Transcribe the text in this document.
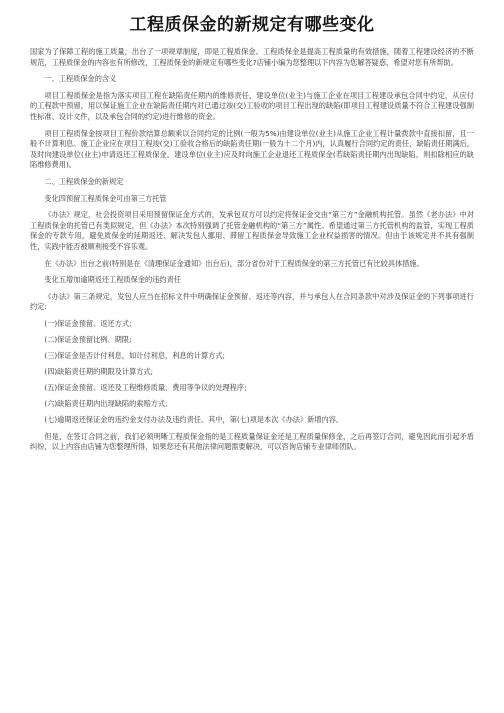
工程质保金的新规定有哪些变化

国家为了保障工程的施工质量，出台了一项规章制度，即是工程质保金。工程质保金是提高工程质量的有效措施，随着工程建设经济的不断规范，工程质保金的内容也有所修改，工程质保金的新规定有哪些变化?店铺小编为您整理以下内容为您解答疑惑，希望对您有所帮助。

一、工程质保金的含义

项目工程质保金是指为落实项目工程在缺陷责任期内的维修责任，建设单位(业主)与施工企业在项目工程建设承包合同中约定，从应付的工程款中预留，用以保证施工企业在缺陷责任期内对已通过竣(交)工验收的项目工程出现的缺陷(即项目工程建设质量不符合工程建设强制性标准、设计文件，以及承包合同的约定)进行维修的资金。

项目工程质保金按项目工程价款结算总额乘以合同约定的比例(一般为5%)由建设单位(业主)从施工企业工程计量拨款中直接扣留，且一般不计算利息。施工企业应在项目工程竣(交)工验收合格后的缺陷责任期(一般为十二个月)内，认真履行合同约定的责任，缺陷责任期满后，及时向建设单位(业主)申请返还工程质保金。建设单位(业主)应及时向施工企业退还工程质保金(若缺陷责任期内出现缺陷，则扣除相应的缺陷维修费用)。

二、工程质保金的新规定

变化四预留工程质保金可由第三方托管

《办法》规定，社会投资项目采用预留保证金方式的，发承包双方可以约定将保证金交由“第三方”金融机构托管。虽然《老办法》中对工程质保金的托管已有类似规定，但《办法》本次特别强调了托管金融机构的“第三方”属性。希望通过第三方托管机构的监管，实现工程质保金的专款专用，避免质保金的延期返还、解决发包人挪用、滞留工程质保金导致施工企业权益损害的情况。但由于该规定并不具有强制性，实践中能否被顺利接受不容乐观。

在《办法》出台之前(特别是在《清理保证金通知》出台后)，部分省份对于工程质保金的第三方托管已有比较具体措施。

变化五增加逾期返还工程质保金的违约责任

《办法》第三条规定，发包人应当在招标文件中明确保证金预留、返还等内容，并与承包人在合同条款中对涉及保证金的下列事项进行约定:

(一)保证金预留、返还方式;

(二)保证金预留比例、期限;

(三)保证金是否计付利息，如计付利息，利息的计算方式;

(四)缺陷责任期的期限及计算方式;

(五)保证金预留、返还及工程维修质量、费用等争议的处理程序;

(六)缺陷责任期内出现缺陷的索赔方式;

(七)逾期返还保证金的违约金支付办法及违约责任。其中，第(七)项是本次《办法》新增内容。

但是，在签订合同之前，我们必须明晰工程质保金指的是工程质量保证金还是工程质量保修金，之后再签订合同，避免因此而引起矛盾纠纷，以上内容由店铺为您整理所得，如果您还有其他法律问题需要解决，可以咨询店铺专业律师团队。
